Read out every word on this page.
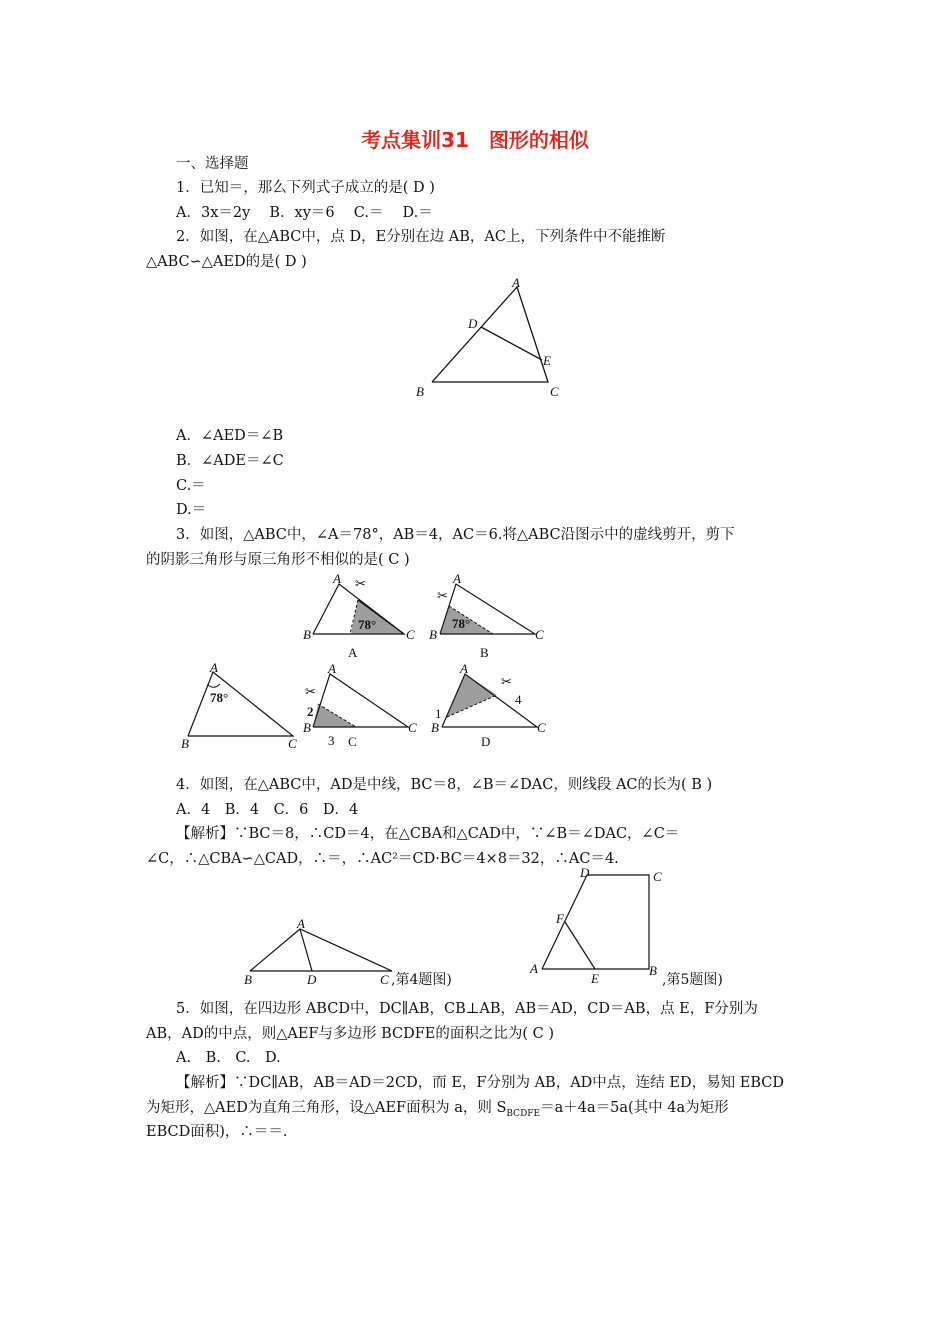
考点集训31　图形的相似
一、选择题
1．已知＝，那么下列式子成立的是( D )
A．3x＝2y　 B．xy＝6　 C.＝　 D.＝
2．如图，在△ABC中，点 D，E分别在边 AB，AC上，下列条件中不能推断
△ABC∽△AED的是( D )
A
D
E
B	C
A．∠AED＝∠B
B．∠ADE＝∠C
C.＝
D.＝
3．如图，△ABC中，∠A＝78°，AB＝4，AC＝6.将△ABC沿图示中的虚线剪开，剪下
的阴影三角形与原三角形不相似的是( C )
✂
A
B	C
78°
A
✂
A
B	C
78°
B
A
B	C
78°	✂
A
B	C
2
3 C
✂
A
B	C
1
4
D
4．如图，在△ABC中，AD是中线，BC＝8，∠B＝∠DAC，则线段 AC的长为( B )
A．4　B．4　C．6　D．4
【解析】∵BC＝8，∴CD＝4，在△CBA和△CAD中，∵∠B＝∠DAC，∠C＝
∠C，∴△CBA∽△CAD，∴＝，∴AC²＝CD·BC＝4×8＝32，∴AC＝4.
A
B	D	C ,第4题图)
D	C
F
A
E
B
,第5题图)
5．如图，在四边形 ABCD中，DC∥AB，CB⊥AB，AB＝AD，CD＝AB，点 E，F分别为
AB，AD的中点，则△AEF与多边形 BCDFE的面积之比为( C )
A.　B.　C.　D.
【解析】∵DC∥AB，AB＝AD＝2CD，而 E，F分别为 AB，AD中点，连结 ED，易知 EBCD
为矩形，△AED为直角三角形，设△AEF面积为 a，则 $S_{BCDFE}=a+4a=5a$(其中 4a为矩形
EBCD面积)，∴＝＝.
